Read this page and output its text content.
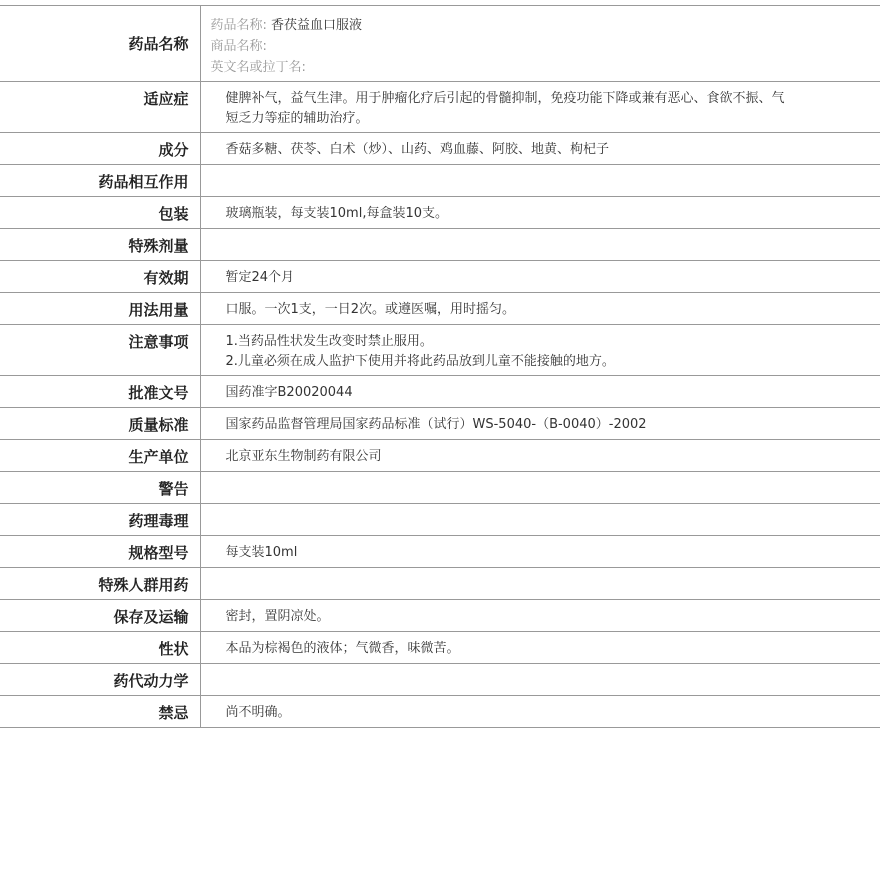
药品名称	药品名称: 香茯益血口服液
商品名称:
英文名或拉丁名:

适应症	健脾补气，益气生津。用于肿瘤化疗后引起的骨髓抑制，免疫功能下降或兼有恶心、食欲不振、气短乏力等症的辅助治疗。

成分	香菇多糖、茯苓、白术（炒）、山药、鸡血藤、阿胶、地黄、枸杞子

药品相互作用	

包装	玻璃瓶装，每支装10ml,每盒装10支。

特殊剂量	

有效期	暂定24个月

用法用量	口服。一次1支，一日2次。或遵医嘱，用时摇匀。

注意事项	1.当药品性状发生改变时禁止服用。
2.儿童必须在成人监护下使用并将此药品放到儿童不能接触的地方。

批准文号	国药准字B20020044

质量标准	国家药品监督管理局国家药品标准（试行）WS-5040-（B-0040）-2002

生产单位	北京亚东生物制药有限公司

警告	

药理毒理	

规格型号	每支装10ml

特殊人群用药	

保存及运输	密封，置阴凉处。

性状	本品为棕褐色的液体；气微香，味微苦。

药代动力学	

禁忌	尚不明确。
